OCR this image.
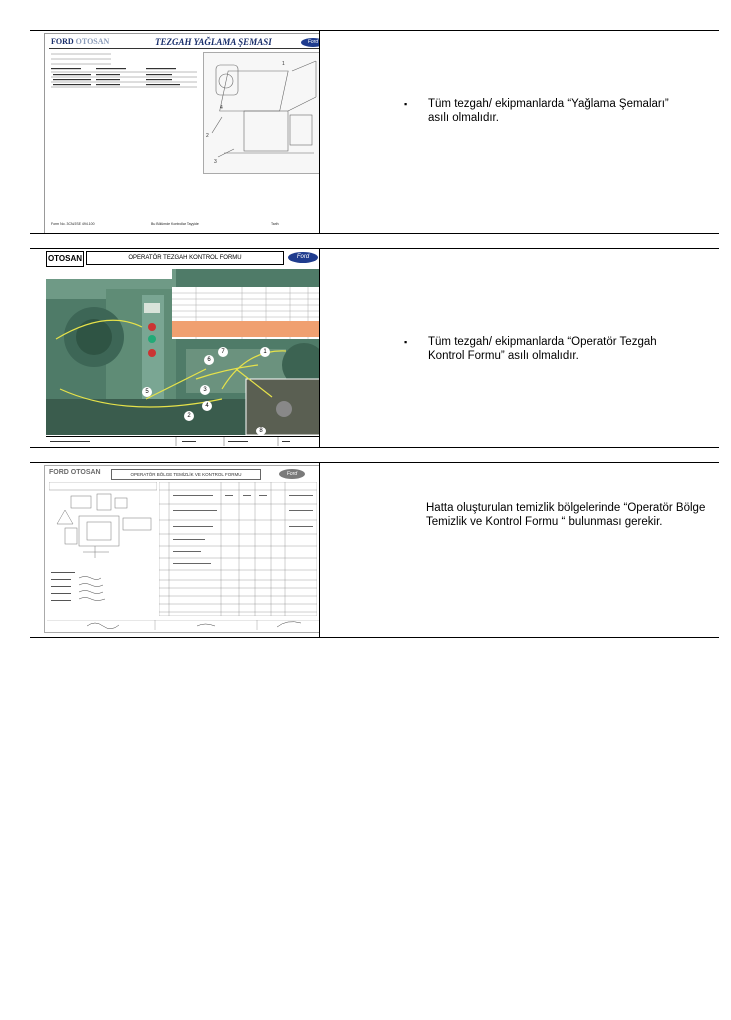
FORD OTOSAN	TEZGAH YAĞLAMA ŞEMASI	Ford
1
2
3
4
Form No. 3CN/JSE 494.100	Bu Bölümde Kontrollar Tayyide	Tarih
▪ Tüm tezgah/ ekipmanlarda “Yağlama Şemaları” asılı olmalıdır.
OTOSAN	OPERATÖR TEZGAH KONTROL FORMU	Ford
1
2
3
4
5
6
7
8
▪ Tüm tezgah/ ekipmanlarda “Operatör Tezgah Kontrol Formu” asılı olmalıdır.
FORD OTOSAN	OPERATÖR BÖLGE TEMİZLİK VE KONTROL FORMU	Ford
Hatta oluşturulan temizlik bölgelerinde “Operatör Bölge Temizlik ve Kontrol Formu “ bulunması gerekir.
